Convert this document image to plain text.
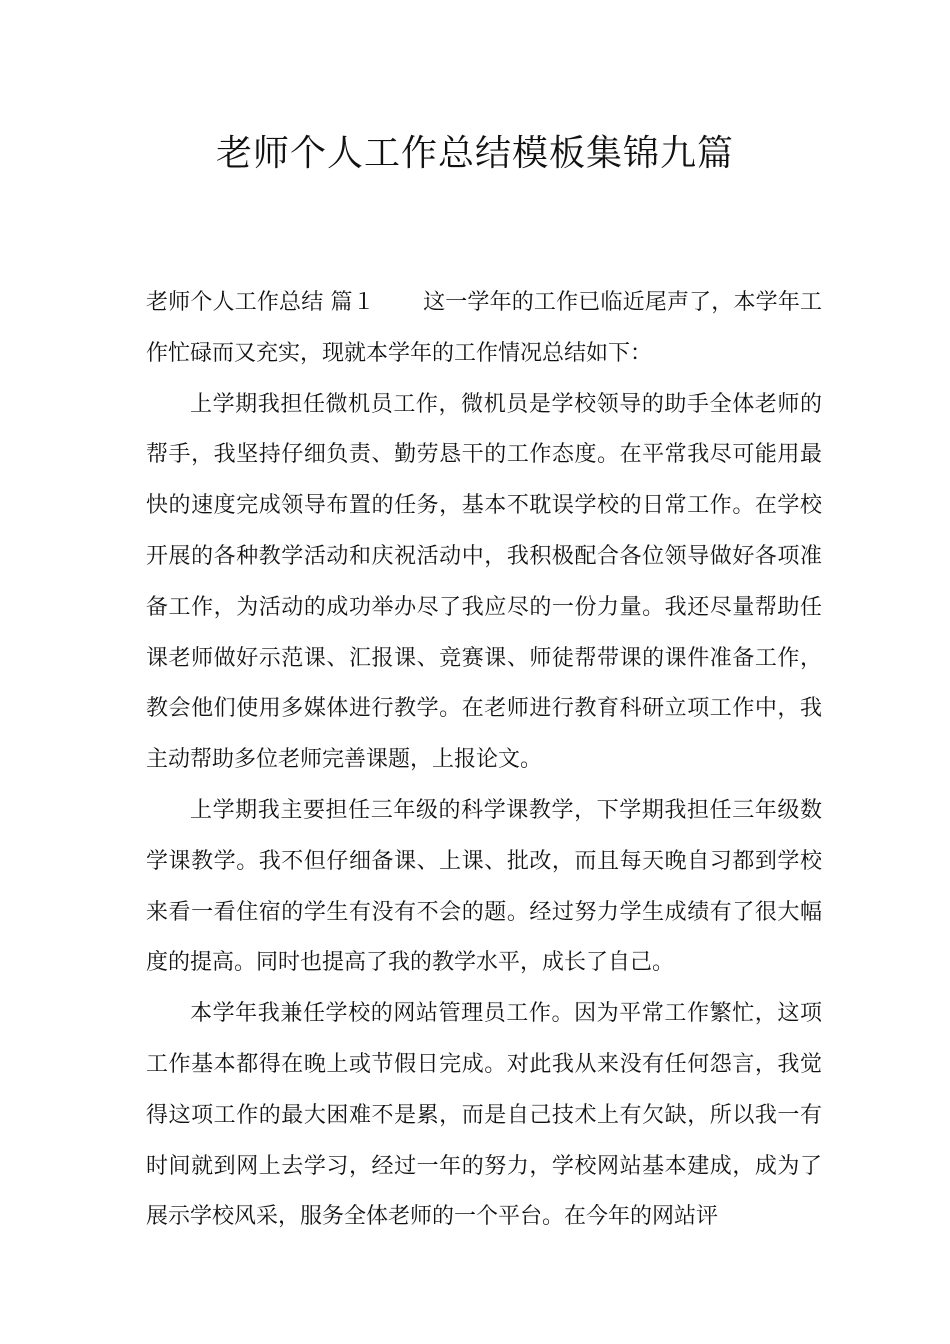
老师个人工作总结模板集锦九篇

老师个人工作总结 篇１ 这一学年的工作已临近尾声了，本学年工作忙碌而又充实，现就本学年的工作情况总结如下：

上学期我担任微机员工作，微机员是学校领导的助手全体老师的帮手，我坚持仔细负责、勤劳恳干的工作态度。在平常我尽可能用最快的速度完成领导布置的任务，基本不耽误学校的日常工作。在学校开展的各种教学活动和庆祝活动中，我积极配合各位领导做好各项准备工作，为活动的成功举办尽了我应尽的一份力量。我还尽量帮助任课老师做好示范课、汇报课、竞赛课、师徒帮带课的课件准备工作，教会他们使用多媒体进行教学。在老师进行教育科研立项工作中，我主动帮助多位老师完善课题，上报论文。

上学期我主要担任三年级的科学课教学，下学期我担任三年级数学课教学。我不但仔细备课、上课、批改，而且每天晚自习都到学校来看一看住宿的学生有没有不会的题。经过努力学生成绩有了很大幅度的提高。同时也提高了我的教学水平，成长了自己。

本学年我兼任学校的网站管理员工作。因为平常工作繁忙，这项工作基本都得在晚上或节假日完成。对此我从来没有任何怨言，我觉得这项工作的最大困难不是累，而是自己技术上有欠缺，所以我一有时间就到网上去学习，经过一年的努力，学校网站基本建成，成为了展示学校风采，服务全体老师的一个平台。在今年的网站评
